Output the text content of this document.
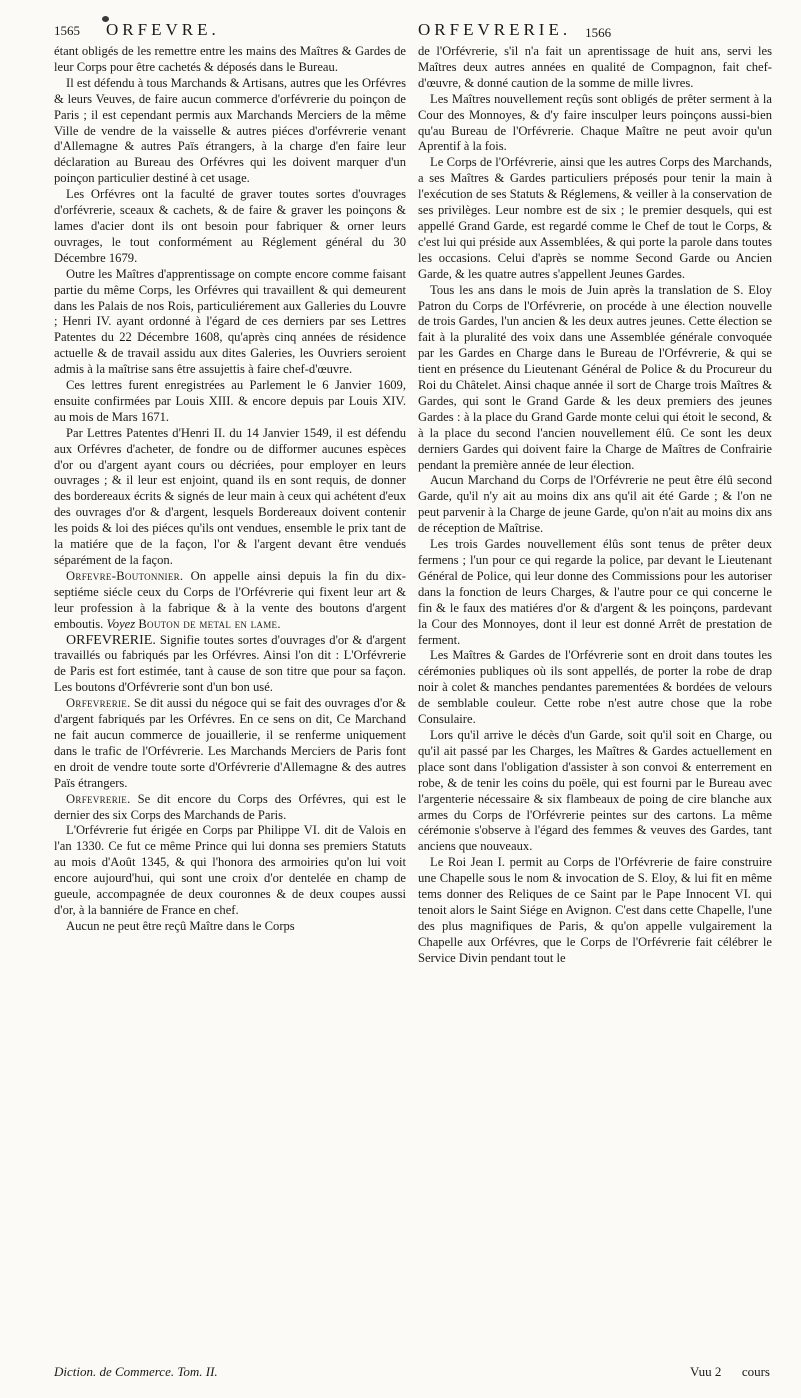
1565 ORFEVRE.	ORFEVRERIE. 1566

étant obligés de les remettre entre les mains des Maîtres & Gardes de leur Corps pour être cachetés & déposés dans le Bureau.

Il est défendu à tous Marchands & Artisans, autres que les Orfévres & leurs Veuves, de faire aucun commerce d'orfévrerie du poinçon de Paris ; il est cependant permis aux Marchands Merciers de la même Ville de vendre de la vaisselle & autres piéces d'orfévrerie venant d'Allemagne & autres Païs étrangers, à la charge d'en faire leur déclaration au Bureau des Orfévres qui les doivent marquer d'un poinçon particulier destiné à cet usage.

Les Orfévres ont la faculté de graver toutes sortes d'ouvrages d'orfévrerie, sceaux & cachets, & de faire & graver les poinçons & lames d'acier dont ils ont besoin pour fabriquer & orner leurs ouvrages, le tout conformément au Réglement général du 30 Décembre 1679.

Outre les Maîtres d'apprentissage on compte encore comme faisant partie du même Corps, les Orfévres qui travaillent & qui demeurent dans les Palais de nos Rois, particuliérement aux Galleries du Louvre ; Henri IV. ayant ordonné à l'égard de ces derniers par ses Lettres Patentes du 22 Décembre 1608, qu'après cinq années de résidence actuelle & de travail assidu aux dites Galeries, les Ouvriers seroient admis à la maîtrise sans être assujettis à faire chef-d'œuvre.

Ces lettres furent enregistrées au Parlement le 6 Janvier 1609, ensuite confirmées par Louis XIII. & encore depuis par Louis XIV. au mois de Mars 1671.

Par Lettres Patentes d'Henri II. du 14 Janvier 1549, il est défendu aux Orfévres d'acheter, de fondre ou de difformer aucunes espèces d'or ou d'argent ayant cours ou décriées, pour employer en leurs ouvrages ; & il leur est enjoint, quand ils en sont requis, de donner des bordereaux écrits & signés de leur main à ceux qui achétent d'eux des ouvrages d'or & d'argent, lesquels Bordereaux doivent contenir les poids & loi des piéces qu'ils ont vendues, ensemble le prix tant de la matiére que de la façon, l'or & l'argent devant être vendués séparément de la façon.

Orfevre-Boutonnier. On appelle ainsi depuis la fin du dix-septiéme siécle ceux du Corps de l'Orfévrerie qui fixent leur art & leur profession à la fabrique & à la vente des boutons d'argent emboutis. Voyez Bouton de metal en lame.

ORFEVRERIE. Signifie toutes sortes d'ouvrages d'or & d'argent travaillés ou fabriqués par les Orfévres. Ainsi l'on dit : L'Orfévrerie de Paris est fort estimée, tant à cause de son titre que pour sa façon. Les boutons d'Orfévrerie sont d'un bon usé.

Orfevrerie. Se dit aussi du négoce qui se fait des ouvrages d'or & d'argent fabriqués par les Orfévres. En ce sens on dit, Ce Marchand ne fait aucun commerce de jouaillerie, il se renferme uniquement dans le trafic de l'Orfévrerie. Les Marchands Merciers de Paris font en droit de vendre toute sorte d'Orfévrerie d'Allemagne & des autres Païs étrangers.

Orfevrerie. Se dit encore du Corps des Orfévres, qui est le dernier des six Corps des Marchands de Paris.

L'Orfévrerie fut érigée en Corps par Philippe VI. dit de Valois en l'an 1330. Ce fut ce même Prince qui lui donna ses premiers Statuts au mois d'Août 1345, & qui l'honora des armoiries qu'on lui voit encore aujourd'hui, qui sont une croix d'or dentelée en champ de gueule, accompagnée de deux couronnes & de deux coupes aussi d'or, à la banniére de France en chef.

Aucun ne peut être reçû Maître dans le Corps

de l'Orfévrerie, s'il n'a fait un aprentissage de huit ans, servi les Maîtres deux autres années en qualité de Compagnon, fait chef-d'œuvre, & donné caution de la somme de mille livres.

Les Maîtres nouvellement reçûs sont obligés de prêter serment à la Cour des Monnoyes, & d'y faire insculper leurs poinçons aussi-bien qu'au Bureau de l'Orfévrerie. Chaque Maître ne peut avoir qu'un Aprentif à la fois.

Le Corps de l'Orfévrerie, ainsi que les autres Corps des Marchands, a ses Maîtres & Gardes particuliers préposés pour tenir la main à l'exécution de ses Statuts & Réglemens, & veiller à la conservation de ses privilèges. Leur nombre est de six ; le premier desquels, qui est appellé Grand Garde, est regardé comme le Chef de tout le Corps, & c'est lui qui préside aux Assemblées, & qui porte la parole dans toutes les occasions. Celui d'après se nomme Second Garde ou Ancien Garde, & les quatre autres s'appellent Jeunes Gardes.

Tous les ans dans le mois de Juin après la translation de S. Eloy Patron du Corps de l'Orfévrerie, on procéde à une élection nouvelle de trois Gardes, l'un ancien & les deux autres jeunes. Cette élection se fait à la pluralité des voix dans une Assemblée générale convoquée par les Gardes en Charge dans le Bureau de l'Orfévrerie, & qui se tient en présence du Lieutenant Général de Police & du Procureur du Roi du Châtelet. Ainsi chaque année il sort de Charge trois Maîtres & Gardes, qui sont le Grand Garde & les deux premiers des jeunes Gardes : à la place du Grand Garde monte celui qui étoit le second, & à la place du second l'ancien nouvellement élû. Ce sont les deux derniers Gardes qui doivent faire la Charge de Maîtres de Confrairie pendant la première année de leur élection.

Aucun Marchand du Corps de l'Orfévrerie ne peut être élû second Garde, qu'il n'y ait au moins dix ans qu'il ait été Garde ; & l'on ne peut parvenir à la Charge de jeune Garde, qu'on n'ait au moins dix ans de réception de Maîtrise.

Les trois Gardes nouvellement élûs sont tenus de prêter deux fermens ; l'un pour ce qui regarde la police, par devant le Lieutenant Général de Police, qui leur donne des Commissions pour les autoriser dans la fonction de leurs Charges, & l'autre pour ce qui concerne le fin & le faux des matiéres d'or & d'argent & les poinçons, pardevant la Cour des Monnoyes, dont il leur est donné Arrêt de prestation de ferment.

Les Maîtres & Gardes de l'Orfévrerie sont en droit dans toutes les cérémonies publiques où ils sont appellés, de porter la robe de drap noir à colet & manches pendantes parementées & bordées de velours de semblable couleur. Cette robe n'est autre chose que la robe Consulaire.

Lors qu'il arrive le décès d'un Garde, soit qu'il soit en Charge, ou qu'il ait passé par les Charges, les Maîtres & Gardes actuellement en place sont dans l'obligation d'assister à son convoi & enterrement en robe, & de tenir les coins du poële, qui est fourni par le Bureau avec l'argenterie nécessaire & six flambeaux de poing de cire blanche aux armes du Corps de l'Orfévrerie peintes sur des cartons. La même cérémonie s'observe à l'égard des femmes & veuves des Gardes, tant anciens que nouveaux.

Le Roi Jean I. permit au Corps de l'Orfévrerie de faire construire une Chapelle sous le nom & invocation de S. Eloy, & lui fit en même tems donner des Reliques de ce Saint par le Pape Innocent VI. qui tenoit alors le Saint Siége en Avignon. C'est dans cette Chapelle, l'une des plus magnifiques de Paris, & qu'on appelle vulgairement la Chapelle aux Orfévres, que le Corps de l'Orfévrerie fait célébrer le Service Divin pendant tout le

Diction. de Commerce. Tom. II.	Vuu 2 cours
